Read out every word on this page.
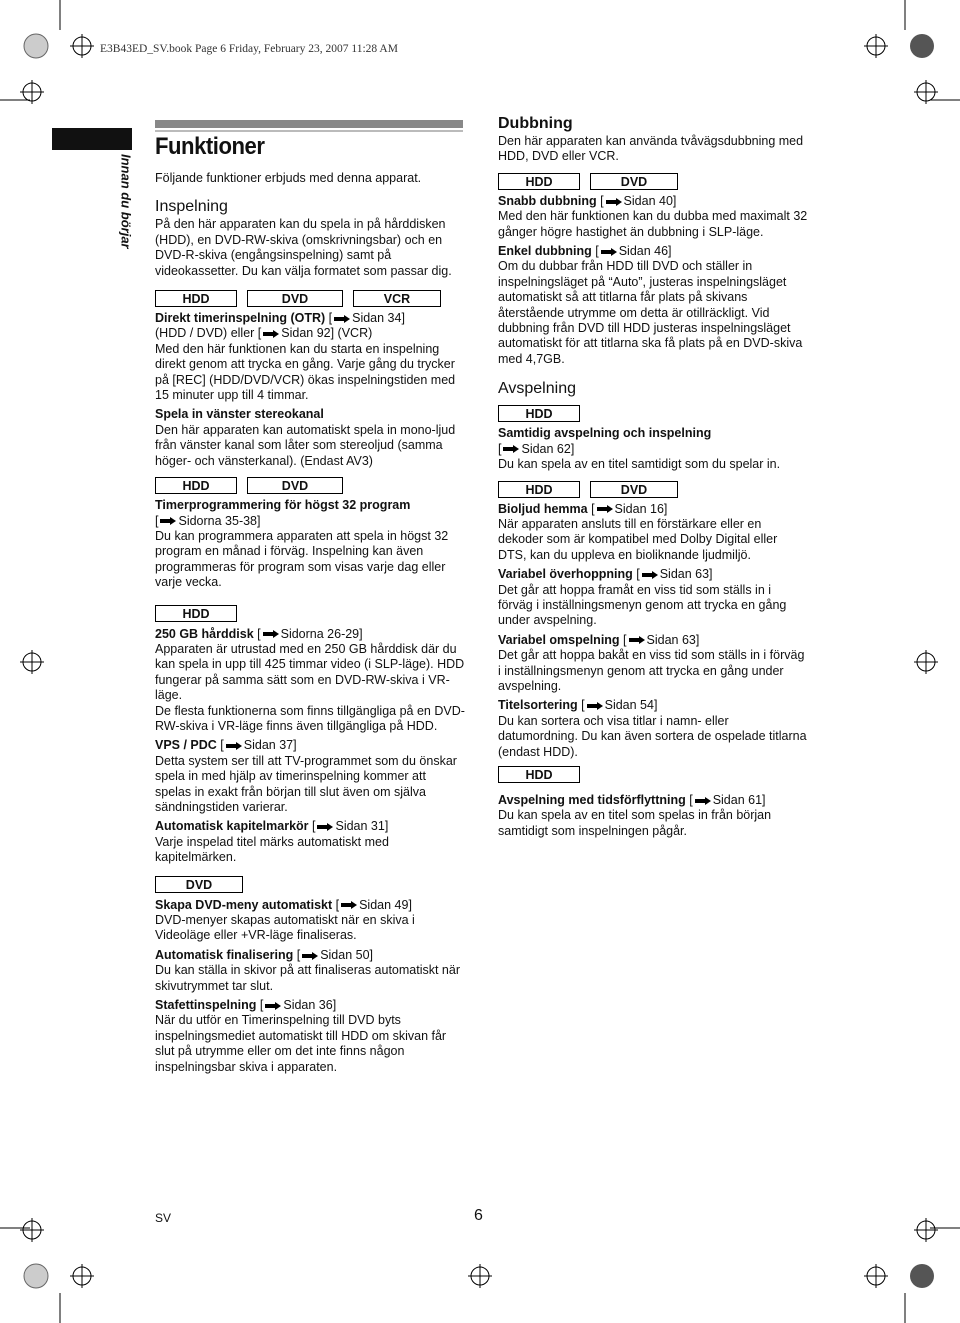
E3B43ED_SV.book Page 6 Friday, February 23, 2007 11:28 AM
Innan du börjar
Funktioner

Följande funktioner erbjuds med denna apparat.

Inspelning

På den här apparaten kan du spela in på hårddisken (HDD), en DVD-RW-skiva (omskrivningsbar) och en DVD-R-skiva (engångsinspelning) samt på videokassetter. Du kan välja formatet som passar dig.

HDD	DVD	VCR

Direkt timerinspelning (OTR) [ Sidan 34]
(HDD / DVD) eller [ Sidan 92] (VCR)
Med den här funktionen kan du starta en inspelning direkt genom att trycka en gång. Varje gång du trycker på [REC] (HDD/DVD/VCR) ökas inspelningstiden med 15 minuter upp till 4 timmar.

Spela in vänster stereokanal
Den här apparaten kan automatiskt spela in mono-ljud från vänster kanal som låter som stereoljud (samma höger- och vänsterkanal). (Endast AV3)

HDD	DVD

Timerprogrammering för högst 32 program
[ Sidorna 35-38]
Du kan programmera apparaten att spela in högst 32 program en månad i förväg. Inspelning kan även programmeras för program som visas varje dag eller varje vecka.

HDD

250 GB hårddisk [ Sidorna 26-29]
Apparaten är utrustad med en 250 GB hårddisk där du kan spela in upp till 425 timmar video (i SLP-läge). HDD fungerar på samma sätt som en DVD-RW-skiva i VR-läge.
De flesta funktionerna som finns tillgängliga på en DVD-RW-skiva i VR-läge finns även tillgängliga på HDD.

VPS / PDC [ Sidan 37]
Detta system ser till att TV-programmet som du önskar spela in med hjälp av timerinspelning kommer att spelas in exakt från början till slut även om själva sändningstiden varierar.

Automatisk kapitelmarkör [ Sidan 31]
Varje inspelad titel märks automatiskt med kapitelmärken.

DVD

Skapa DVD-meny automatiskt [ Sidan 49]
DVD-menyer skapas automatiskt när en skiva i Videoläge eller +VR-läge finaliseras.

Automatisk finalisering [ Sidan 50]
Du kan ställa in skivor på att finaliseras automatiskt när skivutrymmet tar slut.

Stafettinspelning [ Sidan 36]
När du utför en Timerinspelning till DVD byts inspelningsmediet automatiskt till HDD om skivan får slut på utrymme eller om det inte finns någon inspelningsbar skiva i apparaten.

Dubbning

Den här apparaten kan använda tvåvägsdubbning med HDD, DVD eller VCR.

HDD	DVD

Snabb dubbning [ Sidan 40]
Med den här funktionen kan du dubba med maximalt 32 gånger högre hastighet än dubbning i SLP-läge.

Enkel dubbning [ Sidan 46]
Om du dubbar från HDD till DVD och ställer in inspelningsläget på “Auto”, justeras inspelningsläget automatiskt så att titlarna får plats på skivans återstående utrymme om detta är otillräckligt. Vid dubbning från DVD till HDD justeras inspelningsläget automatiskt för att titlarna ska få plats på en DVD-skiva med 4,7GB.

Avspelning
HDD

Samtidig avspelning och inspelning
[ Sidan 62]
Du kan spela av en titel samtidigt som du spelar in.

HDD	DVD

Bioljud hemma [ Sidan 16]
När apparaten ansluts till en förstärkare eller en dekoder som är kompatibel med Dolby Digital eller DTS, kan du uppleva en bioliknande ljudmiljö.

Variabel överhoppning [ Sidan 63]
Det går att hoppa framåt en viss tid som ställs in i förväg i inställningsmenyn genom att trycka en gång under avspelning.

Variabel omspelning [ Sidan 63]
Det går att hoppa bakåt en viss tid som ställs in i förväg i inställningsmenyn genom att trycka en gång under avspelning.

Titelsortering [ Sidan 54]
Du kan sortera och visa titlar i namn- eller datumordning. Du kan även sortera de ospelade titlarna (endast HDD).

HDD

Avspelning med tidsförflyttning [ Sidan 61]
Du kan spela av en titel som spelas in från början samtidigt som inspelningen pågår.

SV	6
